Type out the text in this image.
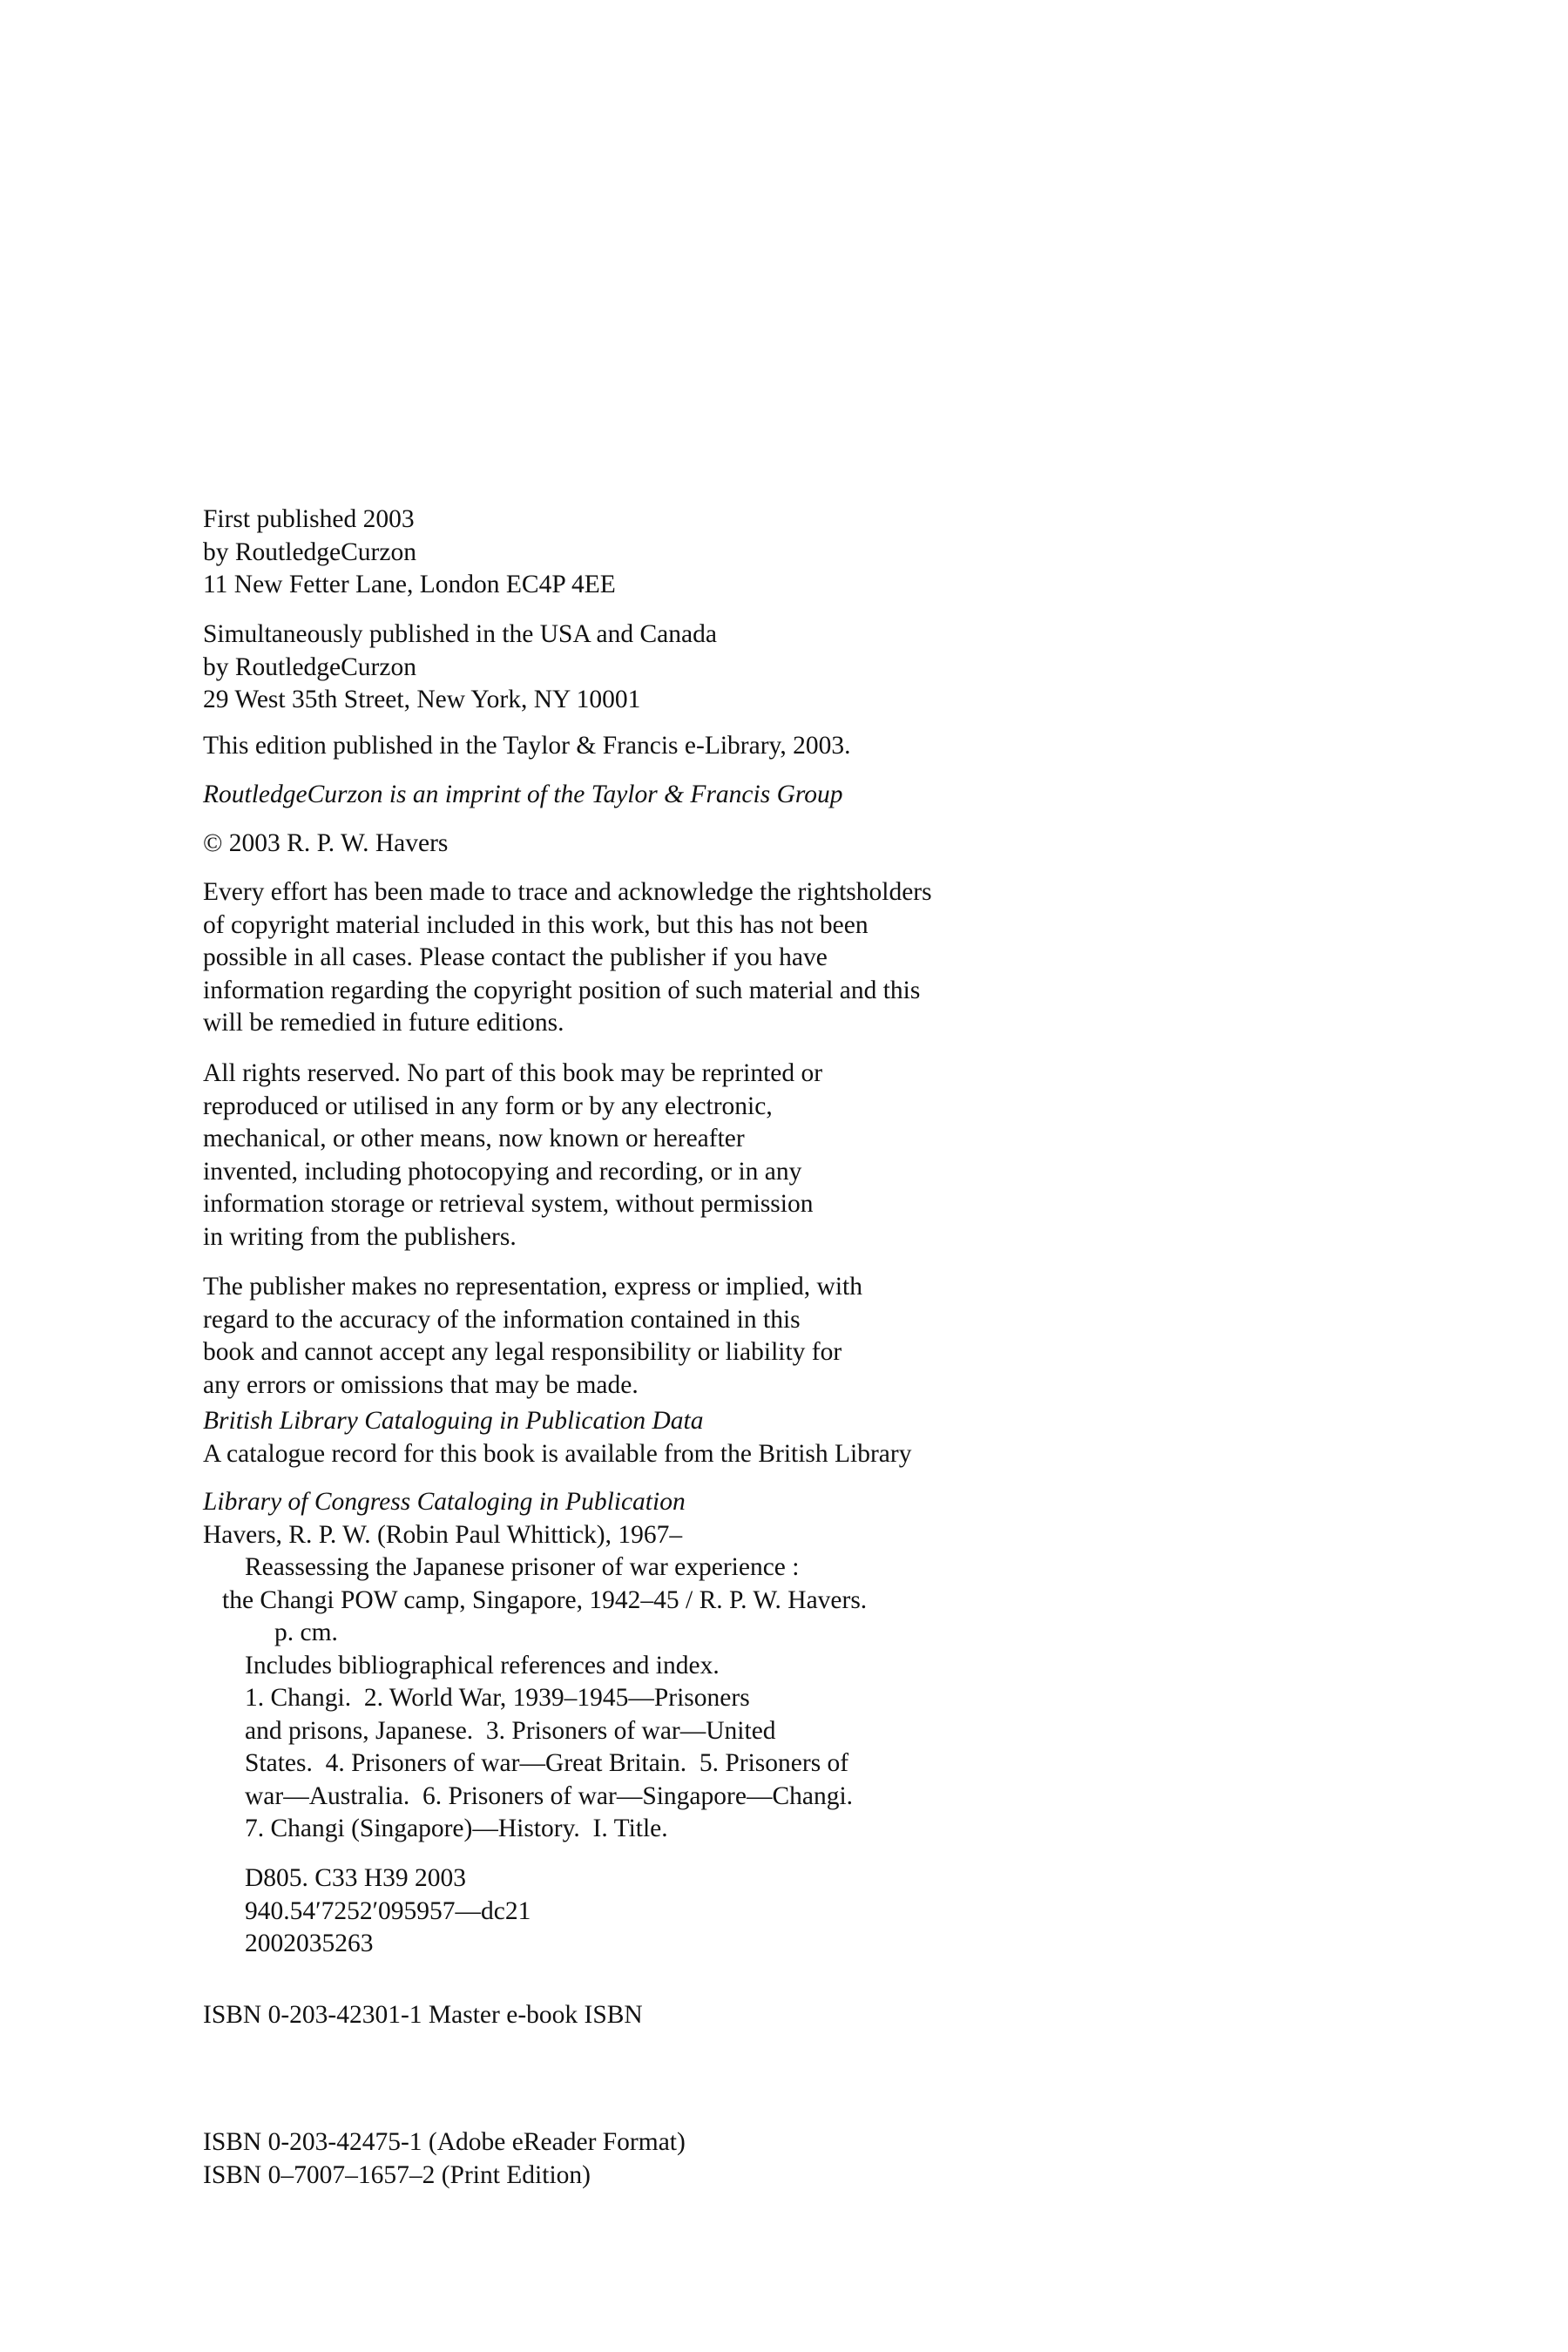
First published 2003
by RoutledgeCurzon
11 New Fetter Lane, London EC4P 4EE
Simultaneously published in the USA and Canada
by RoutledgeCurzon
29 West 35th Street, New York, NY 10001
This edition published in the Taylor & Francis e-Library, 2003.
RoutledgeCurzon is an imprint of the Taylor & Francis Group
© 2003 R. P. W. Havers
Every effort has been made to trace and acknowledge the rightsholders
of copyright material included in this work, but this has not been
possible in all cases. Please contact the publisher if you have
information regarding the copyright position of such material and this
will be remedied in future editions.
All rights reserved. No part of this book may be reprinted or
reproduced or utilised in any form or by any electronic,
mechanical, or other means, now known or hereafter
invented, including photocopying and recording, or in any
information storage or retrieval system, without permission
in writing from the publishers.
The publisher makes no representation, express or implied, with
regard to the accuracy of the information contained in this
book and cannot accept any legal responsibility or liability for
any errors or omissions that may be made.
British Library Cataloguing in Publication Data
A catalogue record for this book is available from the British Library
Library of Congress Cataloging in Publication
Havers, R. P. W. (Robin Paul Whittick), 1967–
Reassessing the Japanese prisoner of war experience :
the Changi POW camp, Singapore, 1942–45 / R. P. W. Havers.
p. cm.
Includes bibliographical references and index.
1. Changi.  2. World War, 1939–1945—Prisoners
and prisons, Japanese.  3. Prisoners of war—United
States.  4. Prisoners of war—Great Britain.  5. Prisoners of
war—Australia.  6. Prisoners of war—Singapore—Changi.
7. Changi (Singapore)—History.  I. Title.
D805. C33 H39 2003
940.54′7252′095957—dc21
2002035263
ISBN 0-203-42301-1 Master e-book ISBN
ISBN 0-203-42475-1 (Adobe eReader Format)
ISBN 0–7007–1657–2 (Print Edition)
